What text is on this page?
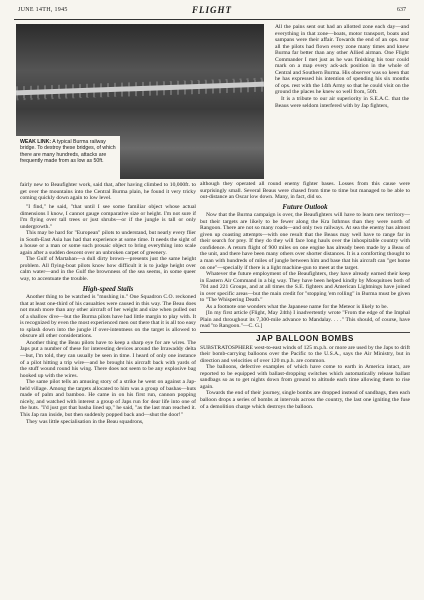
JUNE 14TH, 1945	FLIGHT	637
WEAK LINK: A typical Burma railway bridge. To destroy these bridges, of which there are many hundreds, attacks are frequently made from as low as 50ft.

All the pains sent out had an allotted zone each day—and everything in that zone—boats, motor transport, boats and sampans were their affair. Towards the end of an ops. tour all the pilots had flown every zone many times and knew Burma far better than any other Allied airman. One Flight Commander I met just as he was finishing his tour could mark on a map every ack-ack position in the whole of Central and Southern Burma. His observer was so keen that he has expressed his intention of spending his six months of ops. rest with the 14th Army so that he could visit on the ground the places he knew so well from, 50ft.

It is a tribute to our air superiority in S.E.A.C. that the Beaus were seldom interfered with by Jap fighters,

fairly new to Beaufighter work, said that, after having climbed to 10,000ft. to get over the mountains into the Central Burma plain, he found it very tricky coming quickly down again to low level.

"I find," he said, "that until I see some familiar object whose actual dimensions I know, I cannot gauge comparative size or height. I'm not sure if I'm flying over tall trees or just shrubs—or if the jungle is tall or only undergrowth."

This may be hard for "European" pilots to understand, but nearly every flier in South-East Asia has had that experience at some time. It needs the sight of a house or a man or some such prosaic object to bring everything into scale again after a sudden descent over an unbroken carpet of greenery.

The Gulf of Martaban—a dull dirty brown—presents just the same height problem. All flying-boat pilots know how difficult it is to judge height over calm water—and in the Gulf the brownness of the sea seems, in some queer way, to accentuate the trouble.

High-speed Stalls

Another thing to be watched is "mushing in." One Squadron C.O. reckoned that at least one-third of his casualties were caused in this way. The Beau does not mush more than any other aircraft of her weight and size when pulled out of a shallow dive—but the Burma pilots have had little margin to play with. It is recognized by even the most experienced men out there that it is all too easy to splash down into the jungle if over-intentness on the target is allowed to obscure all other considerations.

Another thing the Beau pilots have to keep a sharp eye for are wires. The Japs put a number of these for interesting devices around the Irrawaddy delta—but, I'm told, they can usually be seen in time. I heard of only one instance of a pilot hitting a trip wire—and he brought his aircraft back with yards of the stuff wound round his wing. There does not seem to be any explosive bag hooked up with the wires.

The same pilot tells an amusing story of a strike he went on against a Jap-held village. Among the targets allocated to him was a group of bashas—huts made of palm and bamboo. He came in on his first run, cannon popping nicely, and watched with interest a group of Japs run for dear life into one of the huts. "I'd just got that basha lined up," he said, "as the last man reached it. This Jap ran inside, but then suddenly popped back and—shut the door!"

They was little specialisation in the Beau squadrons,

although they operated all round enemy fighter bases. Losses from this cause were surprisingly small. Several Beaus were chased from time to time but managed to be able to out-distance an Oscar low down. Many, in fact, did so.

Future Outlook

Now that the Burma campaign is over, the Beaufighters will have to learn new territory—but their targets are likely to be fewer along the Kra Isthmus than they were north of Rangoon. There are not so many roads—and only two railways. At sea the enemy has almost given up coasting attempts—with one result that the Beaus may well have to range far in their search for prey. If they do they will face long hauls over the inhospitable country with confidence. A return flight of 900 miles on one engine has already been made by a Beau of the unit, and there have been many others over shorter distances. It is a comforting thought to a man with hundreds of miles of jungle between him and base that his aircraft can "get home on one"—specially if there is a light machine-gun to meet at the target.

Whatever the future employment of the Beaufighters, they have already earned their keep in Eastern Air Command in a big way. They have been helped kindly by Mosquitoes both of 704 and 221 Groups, and at all times the S.E. fighters and American Lightnings have joined in over specific areas—but the main credit for "stopping 'em rolling" in Burma must be given to "The Whispering Death."

As a footnote one wonders what the Japanese name for the Meteor is likely to be.

[In my first article (Flight, May 24th) I inadvertently wrote "From the edge of the Imphal Plain and throughout its 7,300-mile advance to Mandalay. . . ." This should, of course, have read "to Rangoon."—C. G.]

JAP BALLOON BOMBS

SUBSTRATOSPHERE west-to-east winds of 125 m.p.h. or more are used by the Japs to drift their bomb-carrying balloons over the Pacific to the U.S.A., says the Air Ministry, but in direction and velocities of over 120 m.p.h. are common.

The balloons, defective examples of which have come to earth in America intact, are reported to be equipped with ballast-dropping switches which automatically release ballast sandbags so as to get nights down from ground to altitude each time allowing them to rise again.

Towards the end of their journey, single bombs are dropped instead of sandbags, then each balloon drops a series of bombs at intervals across the country, the last one igniting the fuse of a demolition charge which destroys the balloon.
